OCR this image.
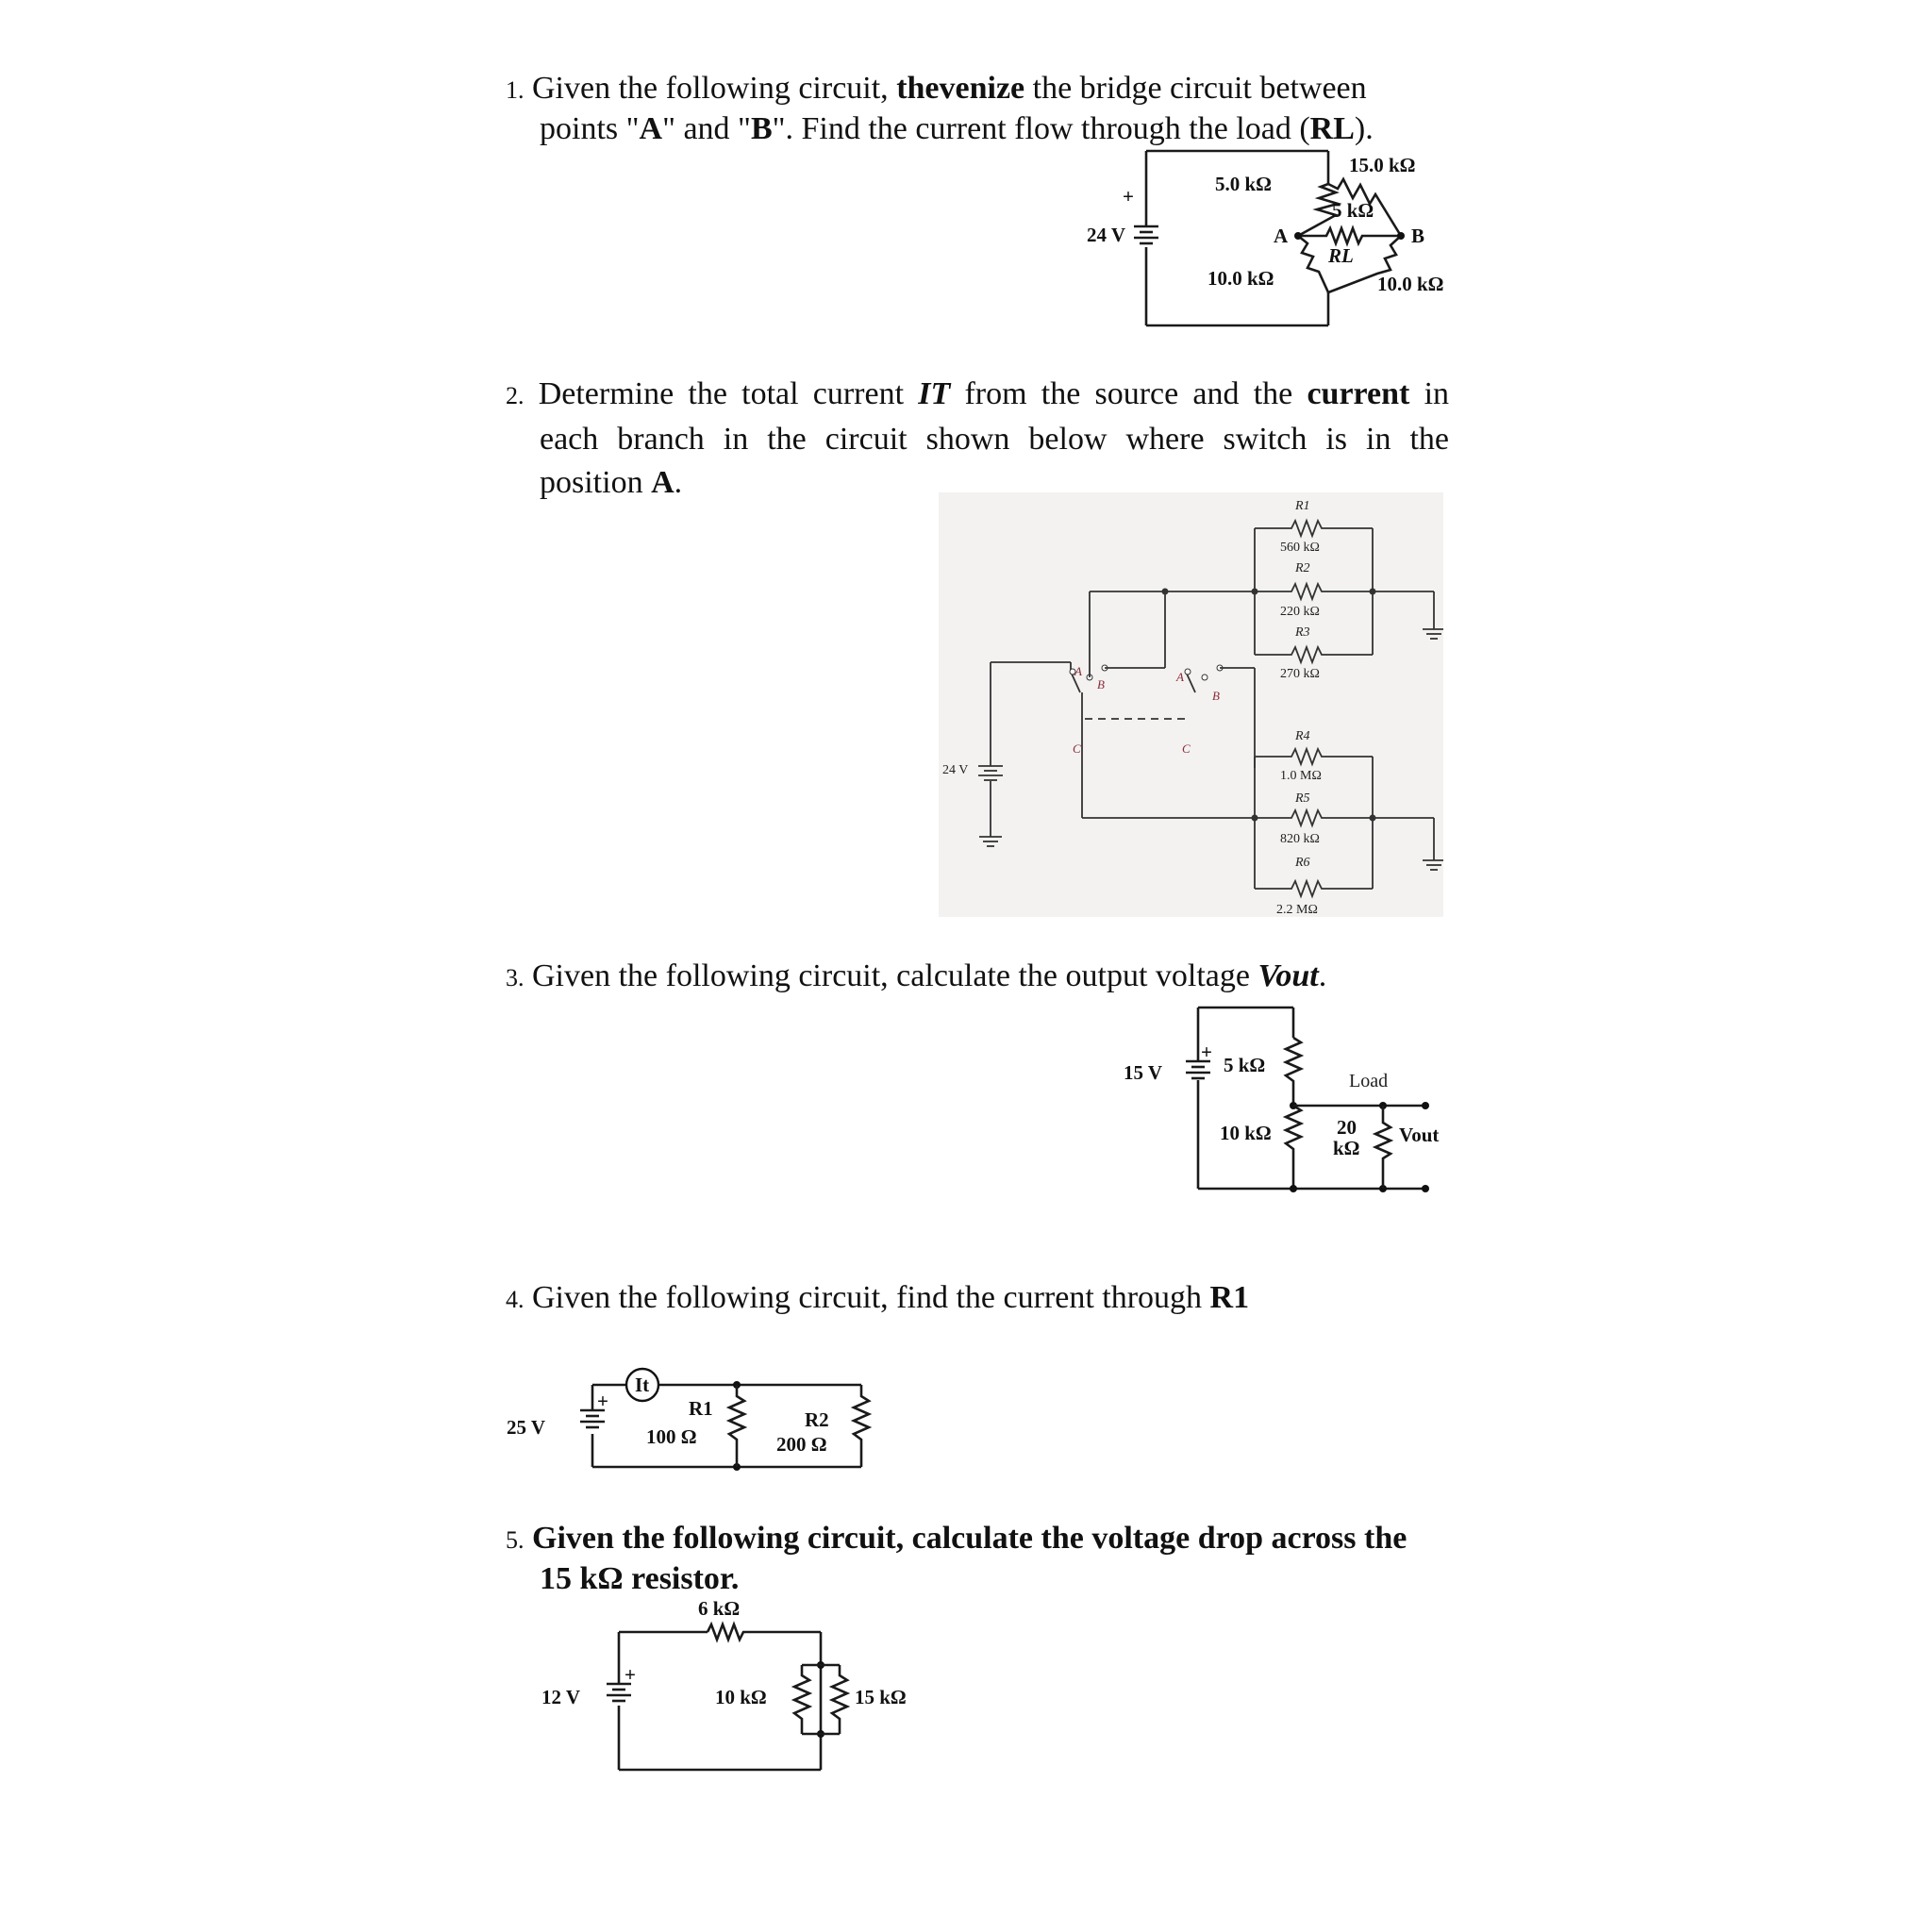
1. Given the following circuit, thevenize the bridge circuit between
points "A" and "B". Find the current flow through the load (RL).
+
24 V
5.0 kΩ
15.0 kΩ
5 kΩ
RL
A	B
10.0 kΩ	10.0 kΩ
2. Determine the total current IT from the source and the current in
each branch in the circuit shown below where switch is in the
position A.
24 V
A
B
C
A
B
C
R1
560 kΩ
R2
220 kΩ
R3
270 kΩ
R4
1.0 MΩ
R5
820 kΩ
R6
2.2 MΩ
3. Given the following circuit, calculate the output voltage Vout.
+
15 V	5 kΩ
10 kΩ
Load
20
kΩ
Vout
4. Given the following circuit, find the current through R1
+
25 V
It
R1
100 Ω
R2
200 Ω
5. Given the following circuit, calculate the voltage drop across the
15 kΩ resistor.
+
12 V
6 kΩ
10 kΩ	15 kΩ
